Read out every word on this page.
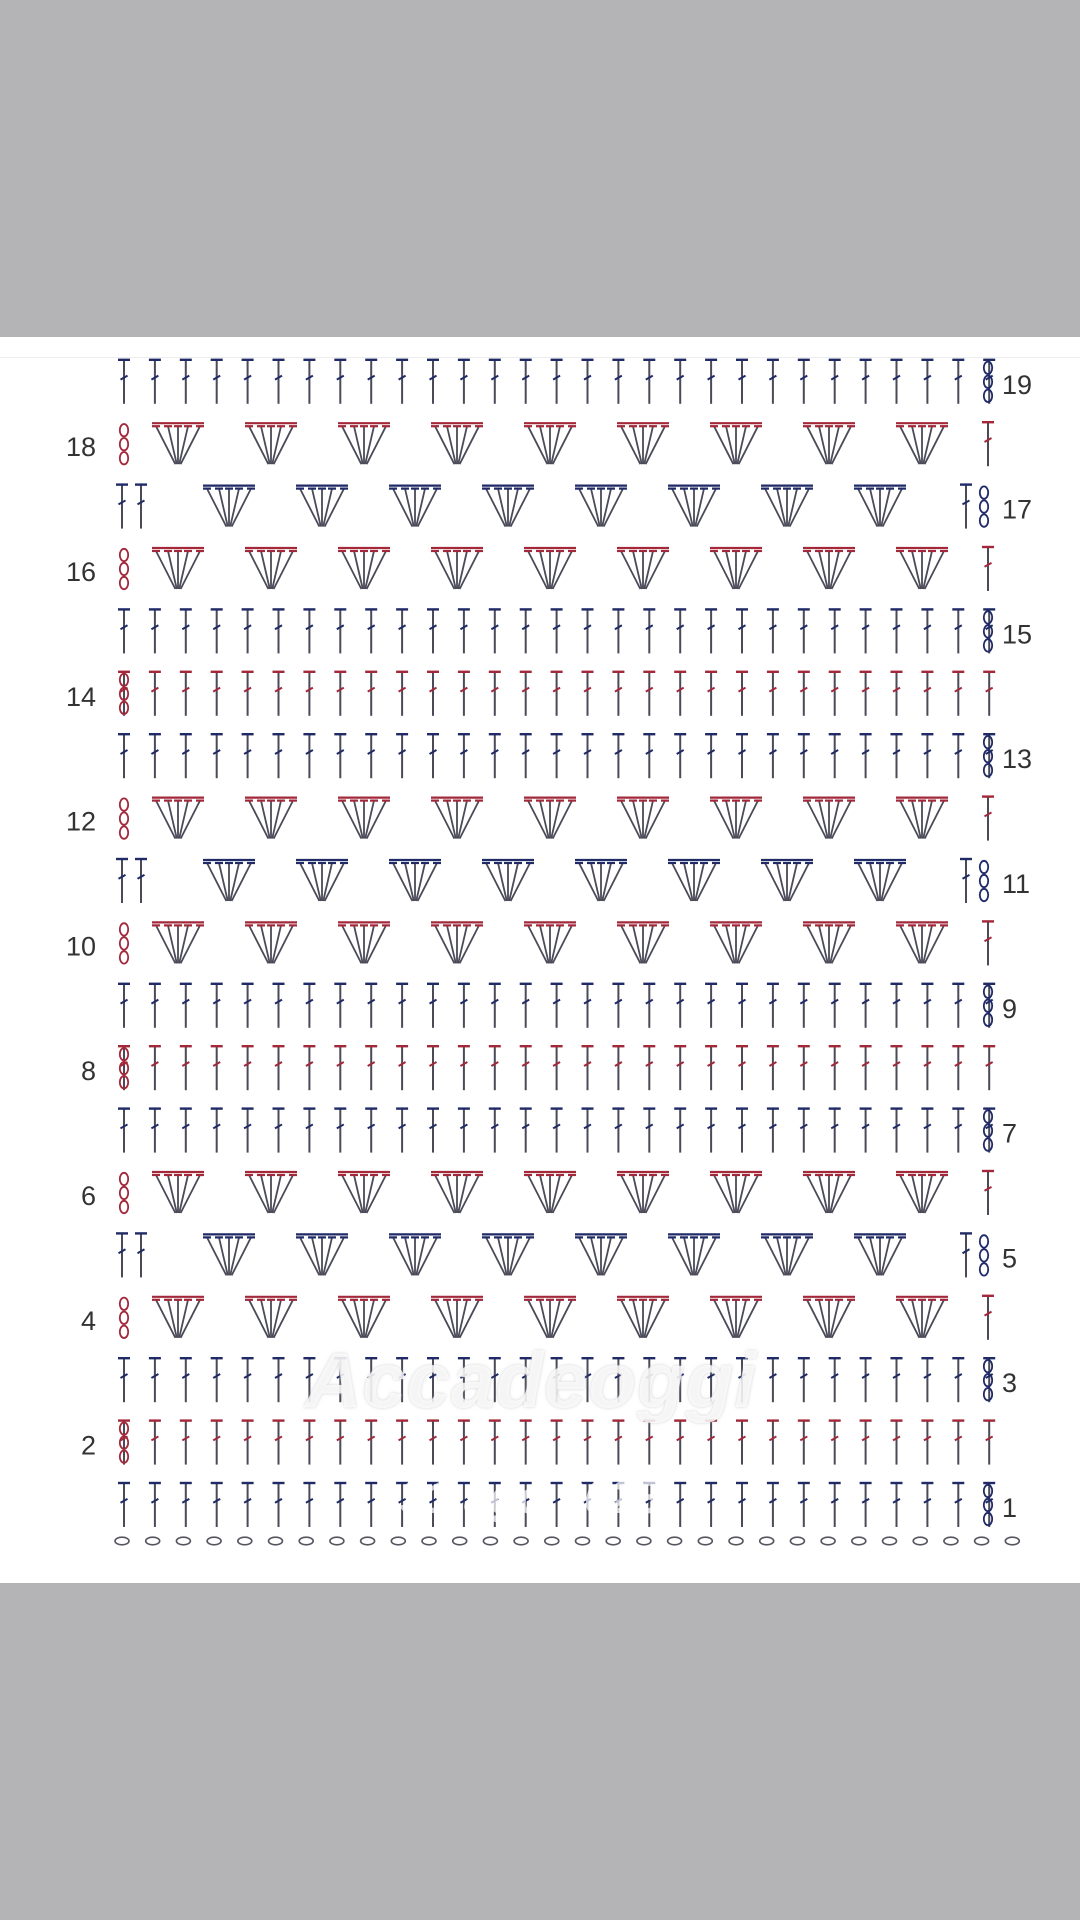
1
2
3
4
5
6
7
8
9
10
11
12
13
14
15
16
17
18
19
Accadeoggi
31 ago 2023
